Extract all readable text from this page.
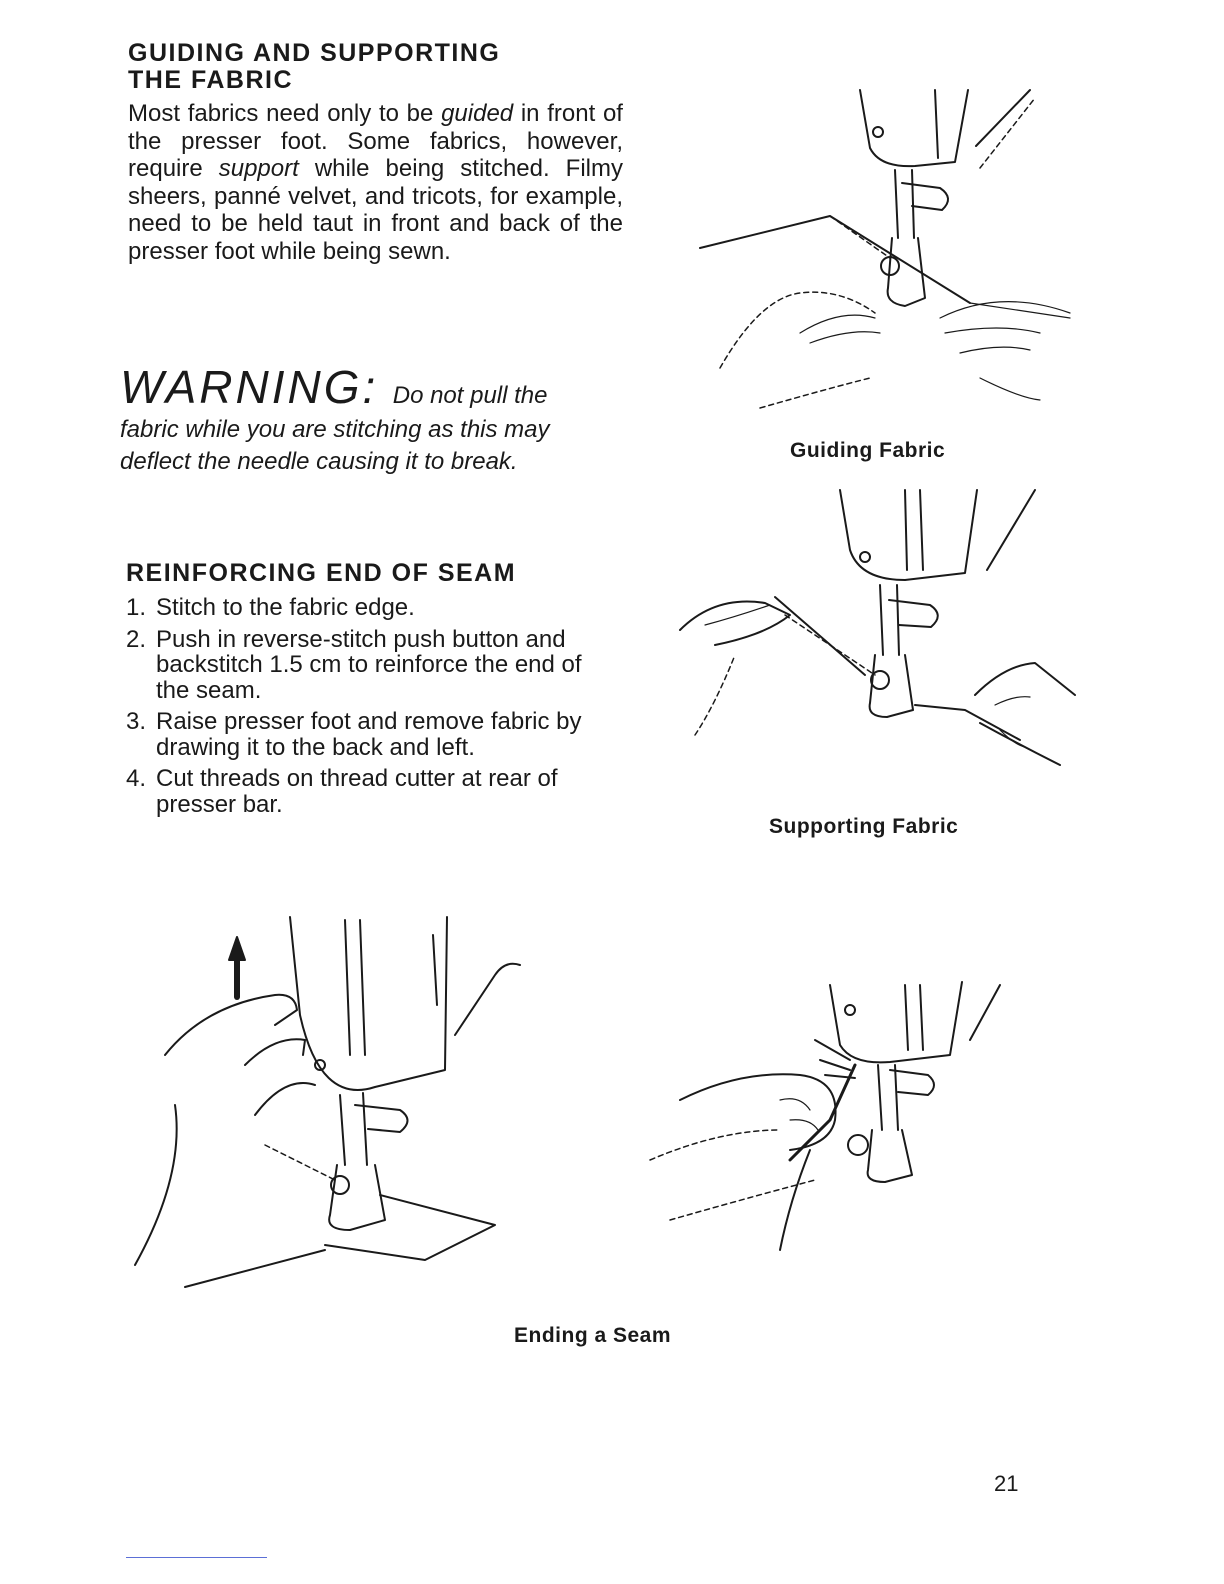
GUIDING AND SUPPORTING
THE FABRIC

Most fabrics need only to be guided in front of the presser foot. Some fabrics, however, require support while being stitched. Filmy sheers, panné velvet, and tricots, for example, need to be held taut in front and back of the presser foot while being sewn.

WARNING: Do not pull the

fabric while you are stitching as this may deflect the needle causing it to break.

REINFORCING END OF SEAM
1. Stitch to the fabric edge.
2. Push in reverse-stitch push button and backstitch 1.5 cm to reinforce the end of the seam.
3. Raise presser foot and remove fabric by drawing it to the back and left.
4. Cut threads on thread cutter at rear of presser bar.
Guiding Fabric
Supporting Fabric
Ending a Seam
21
